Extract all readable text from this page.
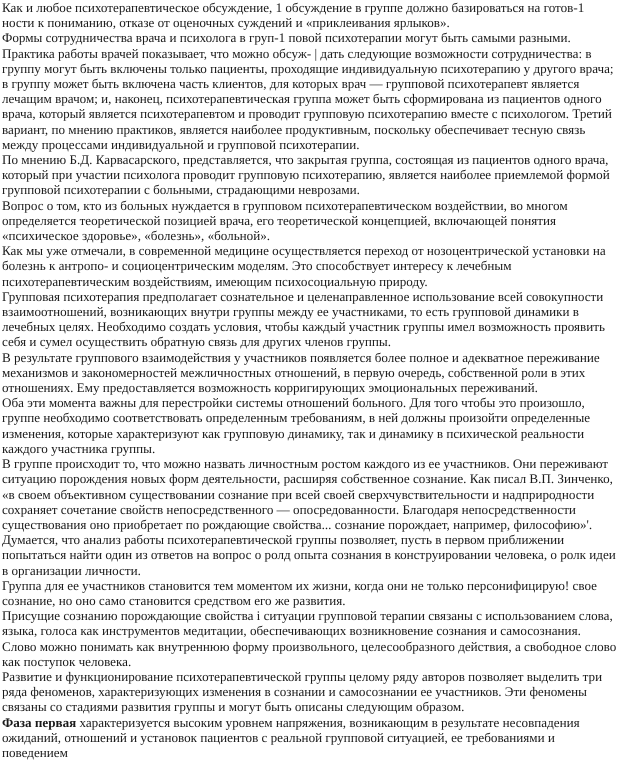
Как и любое психотерапевтическое обсуждение, 1 обсуждение в группе должно базироваться на готов-1 ности к пониманию, отказе от оценочных суждений и «приклеивания ярлыков».

Формы сотрудничества врача и психолога в груп-1 повой психотерапии могут быть самыми разными.

Практика работы врачей показывает, что можно обсуж- | дать следующие возможности сотрудничества: в группу могут быть включены только пациенты, проходящие индивидуальную психотерапию у другого врача; в группу может быть включена часть клиентов, для которых врач — групповой психотерапевт является лечащим врачом; и, наконец, психотерапевтическая группа может быть сформирована из пациентов одного врача, который является психотерапевтом и проводит групповую психотерапию вместе с психологом. Третий вариант, по мнению практиков, является наиболее продуктивным, поскольку обеспечивает тесную связь между процессами индивидуальной и групповой психотерапии.

По мнению Б.Д. Карвасарского, представляется, что закрытая группа, состоящая из пациентов одного врача, который при участии психолога проводит групповую психотерапию, является наиболее приемлемой формой групповой психотерапии с больными, страдающими неврозами.

Вопрос о том, кто из больных нуждается в групповом психотерапевтическом воздействии, во многом определяется теоретической позицией врача, его теоретической концепцией, включающей понятия «психическое здоровье», «болезнь», «больной».

Как мы уже отмечали, в современной медицине осуществляется переход от нозоцентрической установки на болезнь к антропо- и социоцентрическим моделям. Это способствует интересу к лечебным психотерапевтическим воздействиям, имеющим психосоциальную природу.

Групповая психотерапия предполагает сознательное и целенаправленное использование всей совокупности взаимоотношений, возникающих внутри группы между ее участниками, то есть групповой динамики в лечебных целях. Необходимо создать условия, чтобы каждый участник группы имел возможность проявить себя и сумел осуществить обратную связь для других членов группы.

В результате группового взаимодействия у участников появляется более полное и адекватное переживание механизмов и закономерностей межличностных отношений, в первую очередь, собственной роли в этих отношениях. Ему предоставляется возможность корригирующих эмоциональных переживаний.

Оба эти момента важны для перестройки системы отношений больного. Для того чтобы это произошло, группе необходимо соответствовать определенным требованиям, в ней должны произойти определенные изменения, которые характеризуют как групповую динамику, так и динамику в психической реальности каждого участника группы.

В группе происходит то, что можно назвать личностным ростом каждого из ее участников. Они переживают ситуацию порождения новых форм деятельности, расширяя собственное сознание. Как писал В.П. Зинченко, «в своем объективном существовании сознание при всей своей сверхчувствительности и надприродности сохраняет сочетание свойств непосредственного — опосредованности. Благодаря непосредственности существования оно приобретает по рождающие свойства... сознание порождает, например, философию»'.

Думается, что анализ работы психотерапевтической группы позволяет, пусть в первом приближении попытаться найти один из ответов на вопрос о ролд опыта сознания в конструировании человека, о ролк идеи в организации личности.

Группа для ее участников становится тем моментом их жизни, когда они не только персонифицирую! свое сознание, но оно само становится средством его же развития.

Присущие сознанию порождающие свойства i ситуации групповой терапии связаны с использованием слова, языка, голоса как инструментов медитации, обеспечивающих возникновение сознания и самосознания. Слово можно понимать как внутреннюю форму произвольного, целесообразного действия, а свободное слово как поступок человека.

Развитие и функционирование психотерапевтической группы целому ряду авторов позволяет выделить три ряда феноменов, характеризующих изменения в сознании и самосознании ее участников. Эти феномены связаны со стадиями развития группы и могут быть описаны следующим образом.

Фаза первая характеризуется высоким уровнем напряжения, возникающим в результате несовпадения ожиданий, отношений и установок пациентов с реальной групповой ситуацией, ее требованиями и поведением
